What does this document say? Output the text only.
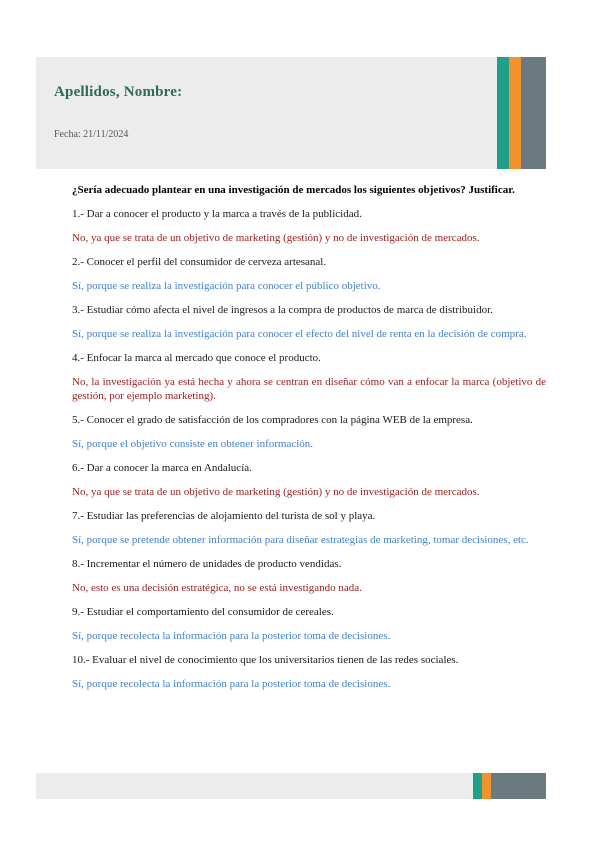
Apellidos, Nombre:
Fecha: 21/11/2024

¿Sería adecuado plantear en una investigación de mercados los siguientes objetivos? Justificar.

1.- Dar a conocer el producto y la marca a través de la publicidad.

No, ya que se trata de un objetivo de marketing (gestión) y no de investigación de mercados.

2.- Conocer el perfil del consumidor de cerveza artesanal.

Sí, porque se realiza la investigación para conocer el público objetivo.

3.- Estudiar cómo afecta el nivel de ingresos a la compra de productos de marca de distribuidor.

Sí, porque se realiza la investigación para conocer el efecto del nivel de renta en la decisión de compra.

4.- Enfocar la marca al mercado que conoce el producto.

No, la investigación ya está hecha y ahora se centran en diseñar cómo van a enfocar la marca (objetivo de gestión, por ejemplo marketing).

5.- Conocer el grado de satisfacción de los compradores con la página WEB de la empresa.

Sí, porque el objetivo consiste en obtener información.

6.- Dar a conocer la marca en Andalucía.

No, ya que se trata de un objetivo de marketing (gestión) y no de investigación de mercados.

7.- Estudiar las preferencias de alojamiento del turista de sol y playa.

Sí, porque se pretende obtener información para diseñar estrategias de marketing, tomar decisiones, etc.

8.- Incrementar el número de unidades de producto vendidas.

No, esto es una decisión estratégica, no se está investigando nada.

9.- Estudiar el comportamiento del consumidor de cereales.

Sí, porque recolecta la información para la posterior toma de decisiones.

10.- Evaluar el nivel de conocimiento que los universitarios tienen de las redes sociales.

Sí, porque recolecta la información para la posterior toma de decisiones.
